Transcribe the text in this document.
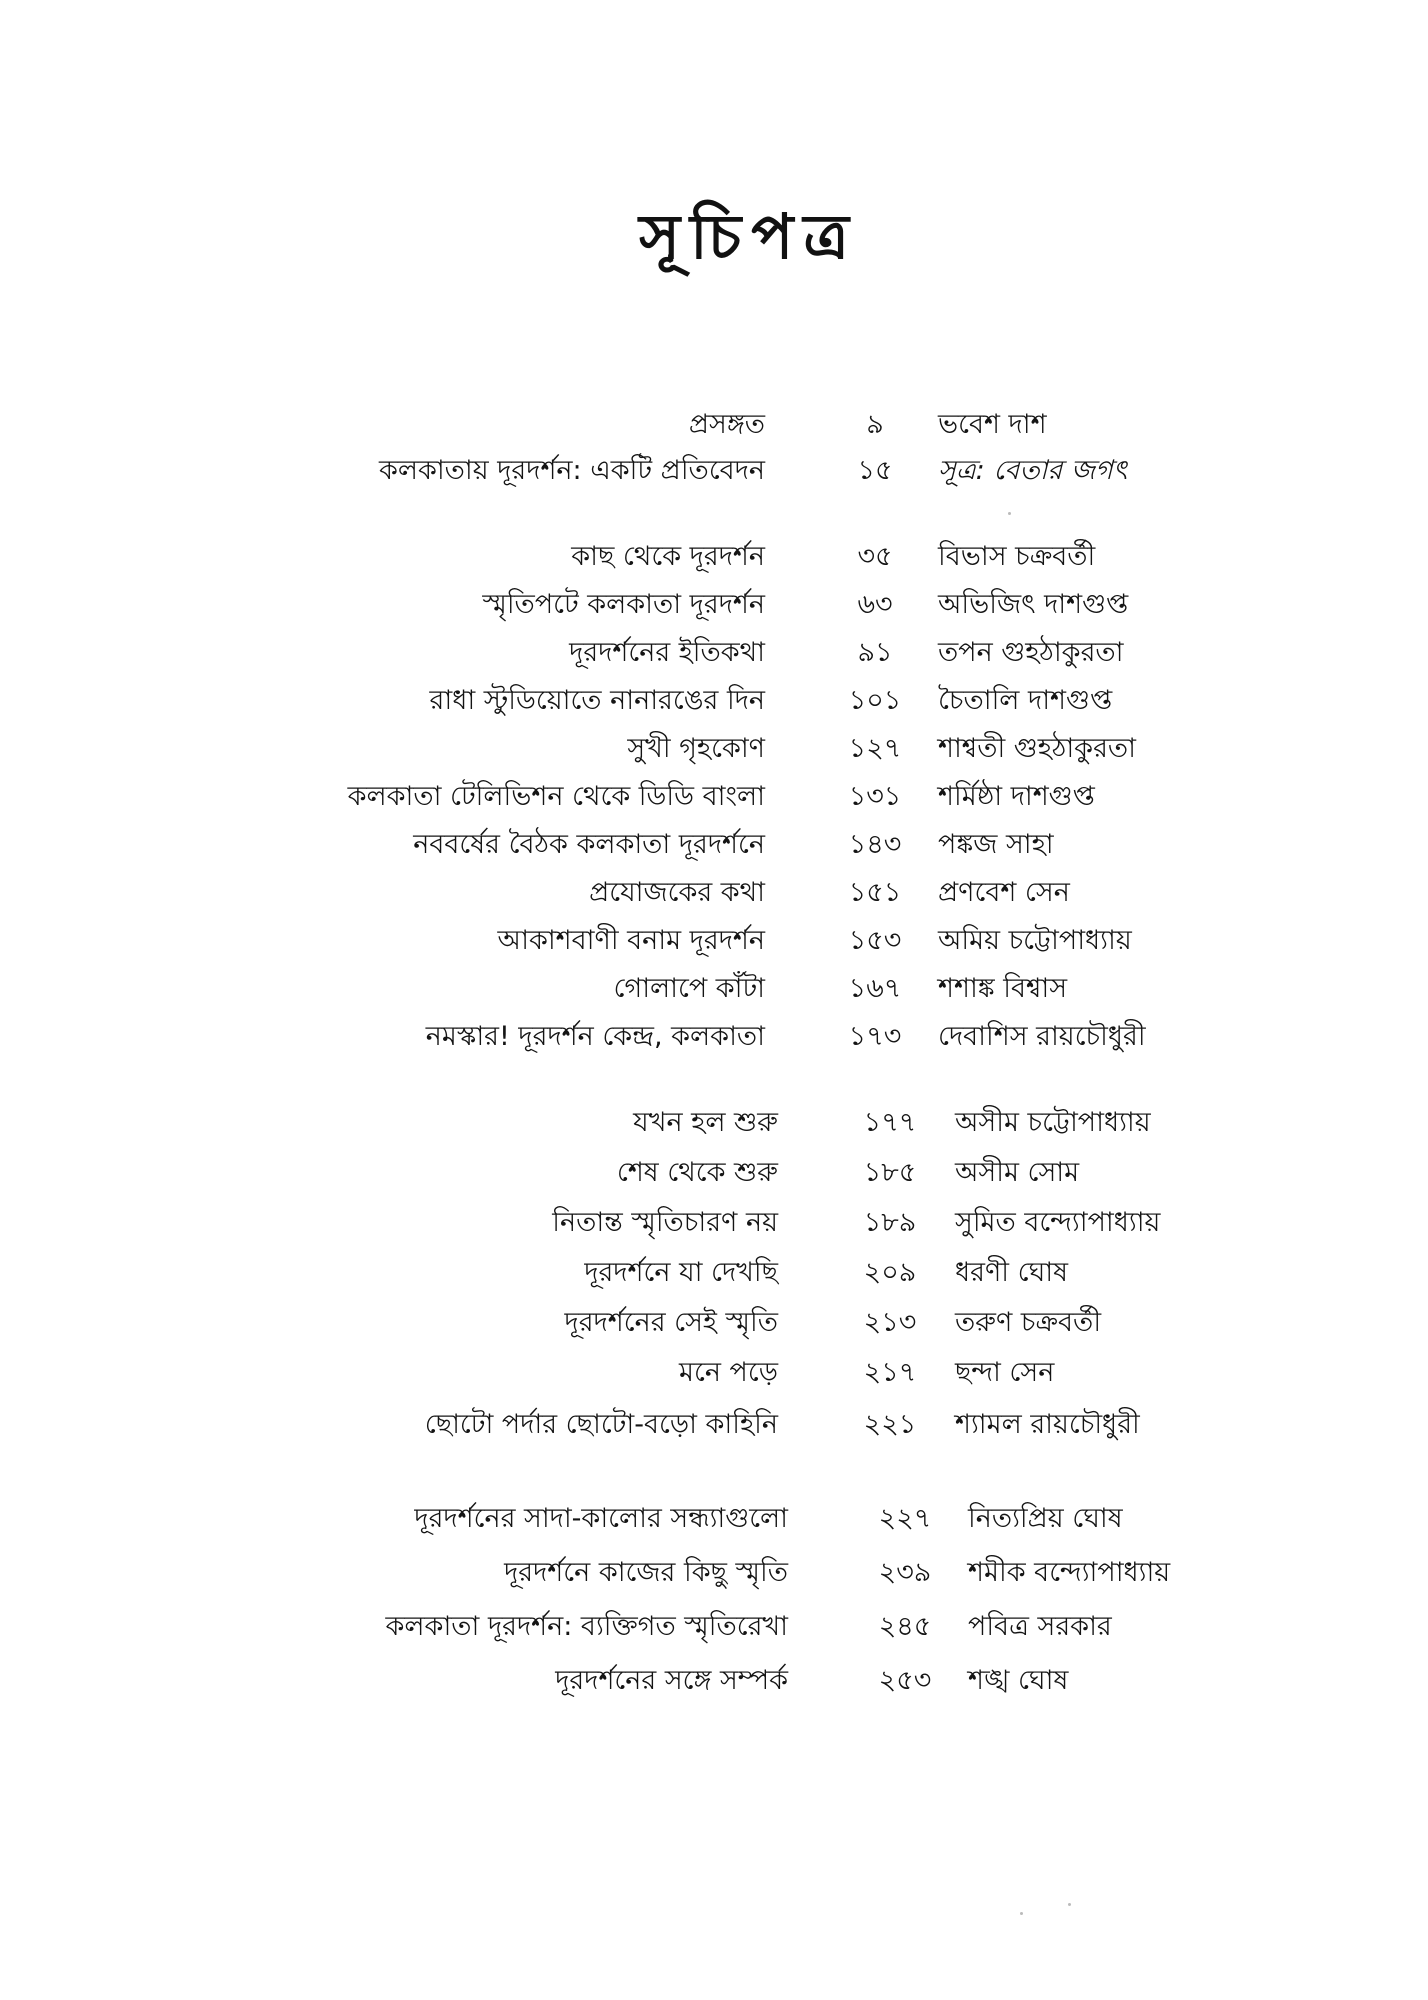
সূচিপত্র
প্রসঙ্গত	৯	ভবেশ দাশ
কলকাতায় দূরদর্শন: একটি প্রতিবেদন	১৫	সূত্র: বেতার জগৎ
কাছ থেকে দূরদর্শন	৩৫	বিভাস চক্রবর্তী
স্মৃতিপটে কলকাতা দূরদর্শন	৬৩	অভিজিৎ দাশগুপ্ত
দূরদর্শনের ইতিকথা	৯১	তপন গুহঠাকুরতা
রাধা স্টুডিয়োতে নানারঙের দিন	১০১	চৈতালি দাশগুপ্ত
সুখী গৃহকোণ	১২৭	শাশ্বতী গুহঠাকুরতা
কলকাতা টেলিভিশন থেকে ডিডি বাংলা	১৩১	শর্মিষ্ঠা দাশগুপ্ত
নববর্ষের বৈঠক কলকাতা দূরদর্শনে	১৪৩	পঙ্কজ সাহা
প্রযোজকের কথা	১৫১	প্রণবেশ সেন
আকাশবাণী বনাম দূরদর্শন	১৫৩	অমিয় চট্টোপাধ্যায়
গোলাপে কাঁটা	১৬৭	শশাঙ্ক বিশ্বাস
নমস্কার! দূরদর্শন কেন্দ্র, কলকাতা	১৭৩	দেবাশিস রায়চৌধুরী
যখন হল শুরু	১৭৭	অসীম চট্টোপাধ্যায়
শেষ থেকে শুরু	১৮৫	অসীম সোম
নিতান্ত স্মৃতিচারণ নয়	১৮৯	সুমিত বন্দ্যোপাধ্যায়
দূরদর্শনে যা দেখছি	২০৯	ধরণী ঘোষ
দূরদর্শনের সেই স্মৃতি	২১৩	তরুণ চক্রবর্তী
মনে পড়ে	২১৭	ছন্দা সেন
ছোটো পর্দার ছোটো-বড়ো কাহিনি	২২১	শ্যামল রায়চৌধুরী
দূরদর্শনের সাদা-কালোর সন্ধ্যাগুলো	২২৭	নিত্যপ্রিয় ঘোষ
দূরদর্শনে কাজের কিছু স্মৃতি	২৩৯	শমীক বন্দ্যোপাধ্যায়
কলকাতা দূরদর্শন: ব্যক্তিগত স্মৃতিরেখা	২৪৫	পবিত্র সরকার
দূরদর্শনের সঙ্গে সম্পর্ক	২৫৩	শঙ্খ ঘোষ
